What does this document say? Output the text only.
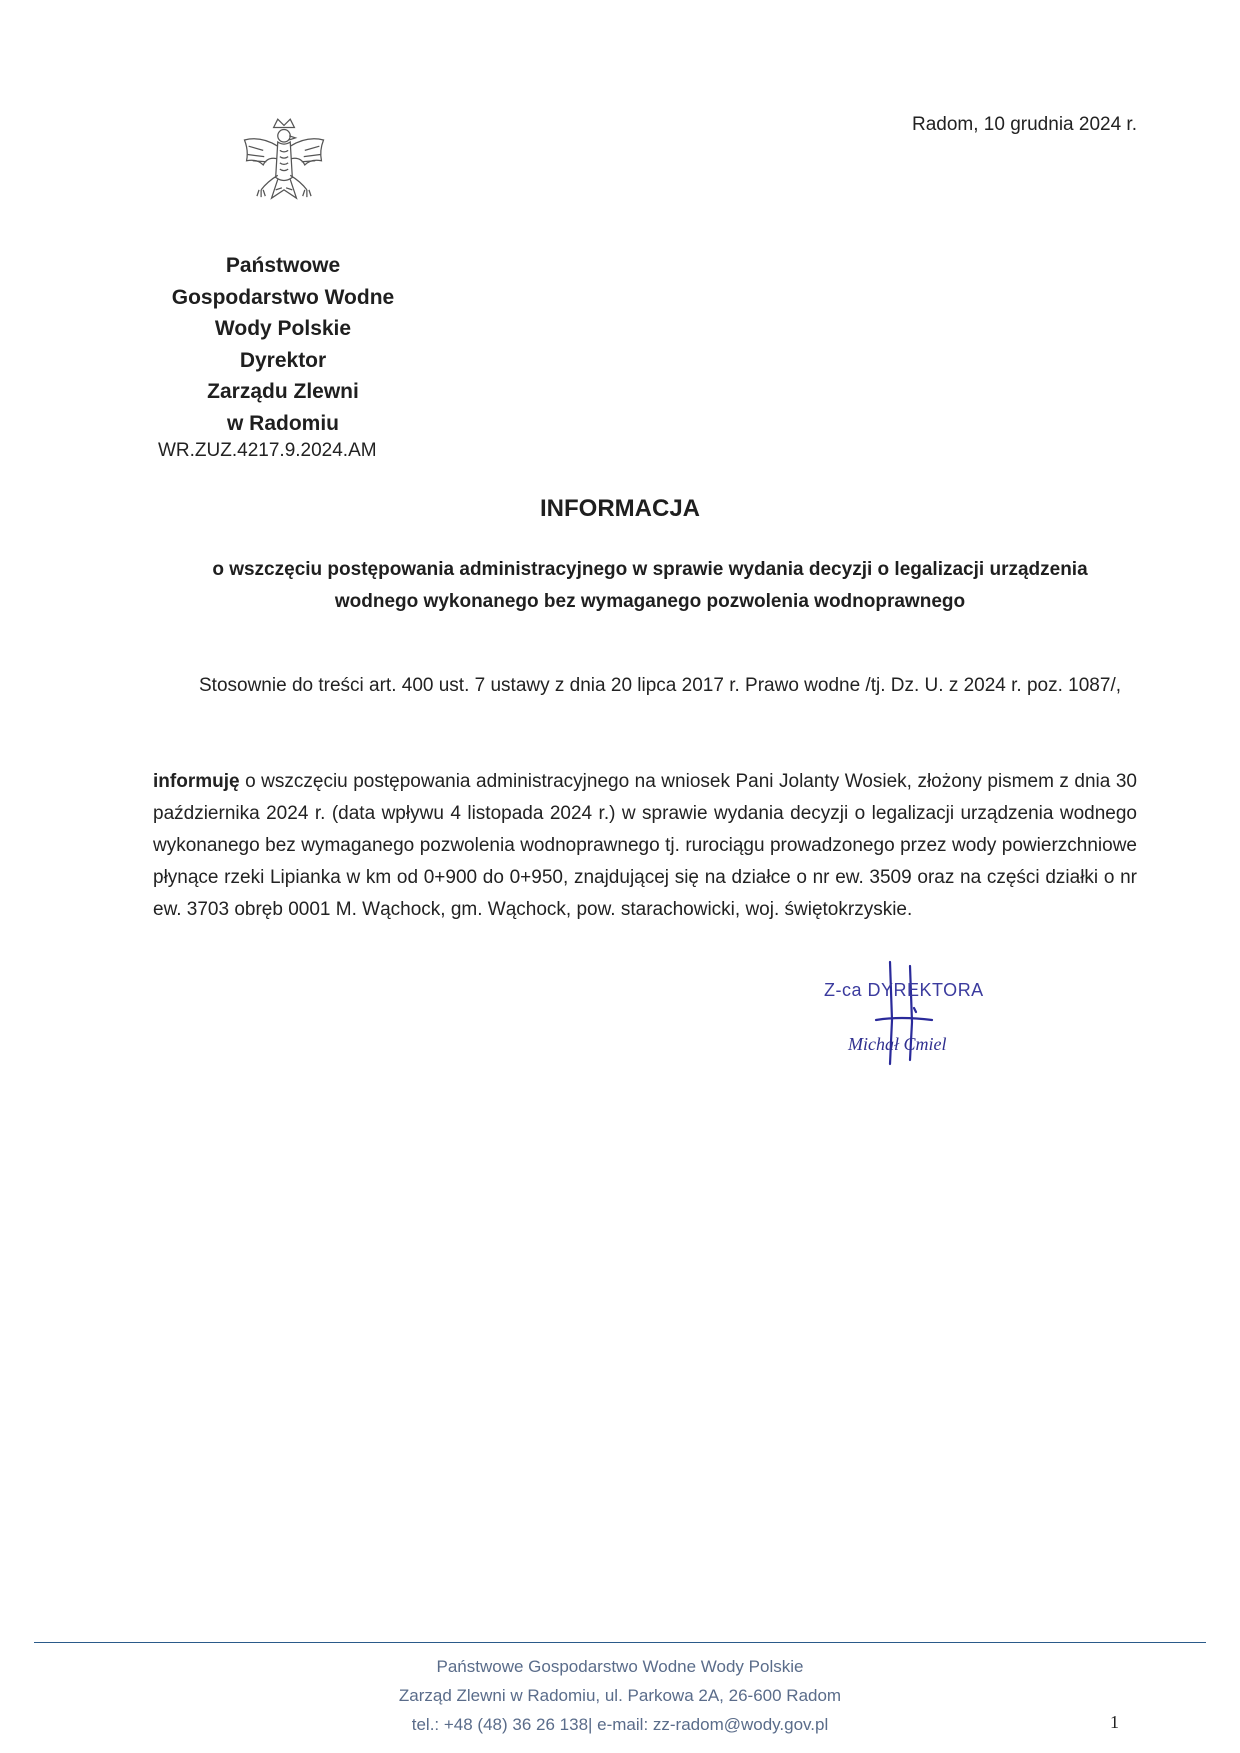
Radom, 10 grudnia 2024 r.
Państwowe
Gospodarstwo Wodne
Wody Polskie
Dyrektor
Zarządu Zlewni
w Radomiu
WR.ZUZ.4217.9.2024.AM
INFORMACJA
o wszczęciu postępowania administracyjnego w sprawie wydania decyzji o legalizacji urządzenia
wodnego wykonanego bez wymaganego pozwolenia wodnoprawnego
Stosownie do treści art. 400 ust. 7 ustawy z dnia 20 lipca 2017 r. Prawo wodne /tj. Dz. U. z 2024 r. poz. 1087/,
informuję o wszczęciu postępowania administracyjnego na wniosek Pani Jolanty Wosiek, złożony pismem z dnia 30 października 2024 r. (data wpływu 4 listopada 2024 r.) w sprawie wydania decyzji o legalizacji urządzenia wodnego wykonanego bez wymaganego pozwolenia wodnoprawnego tj. rurociągu prowadzonego przez wody powierzchniowe płynące rzeki Lipianka w km od 0+900 do 0+950, znajdującej się na działce o nr ew. 3509 oraz na części działki o nr ew. 3703 obręb 0001 M. Wąchock, gm. Wąchock, pow. starachowicki, woj. świętokrzyskie.
Z-ca DYREKTORA
Michał Cmiel
Państwowe Gospodarstwo Wodne Wody Polskie
Zarząd Zlewni w Radomiu, ul. Parkowa 2A, 26-600 Radom
tel.: +48 (48) 36 26 138| e-mail: zz-radom@wody.gov.pl	1
